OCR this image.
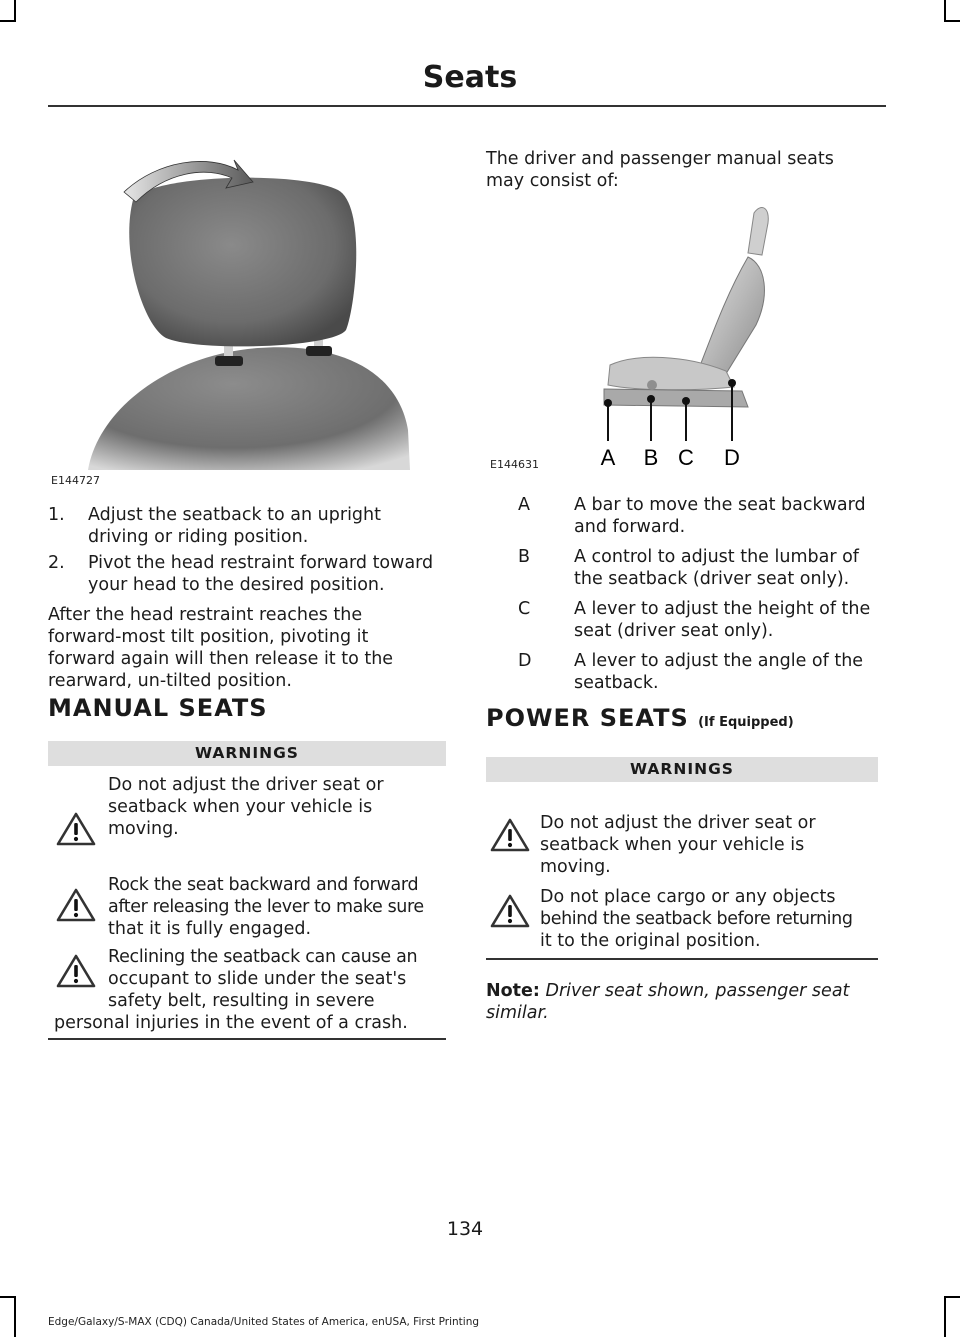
Seats
E144727
1. Adjust the seatback to an upright
driving or riding position.
2. Pivot the head restraint forward toward
your head to the desired position.
After the head restraint reaches the
forward-most tilt position, pivoting it
forward again will then release it to the
rearward, un-tilted position.
MANUAL SEATS
WARNINGS
Do not adjust the driver seat or
seatback when your vehicle is
moving.
Rock the seat backward and forward
after releasing the lever to make sure
that it is fully engaged.
Reclining the seatback can cause an
occupant to slide under the seat's
safety belt, resulting in severe
personal injuries in the event of a crash.
The driver and passenger manual seats
may consist of:
A B C D
E144631
A	A bar to move the seat backward
and forward.
B	A control to adjust the lumbar of
the seatback (driver seat only).
C	A lever to adjust the height of the
seat (driver seat only).
D A lever to adjust the angle of the
seatback.
POWER SEATS (If Equipped)
WARNINGS
Do not adjust the driver seat or
seatback when your vehicle is
moving.
Do not place cargo or any objects
behind the seatback before returning
it to the original position.
Note: Driver seat shown, passenger seat
similar.
134
Edge/Galaxy/S-MAX (CDQ) Canada/United States of America, enUSA, First Printing
